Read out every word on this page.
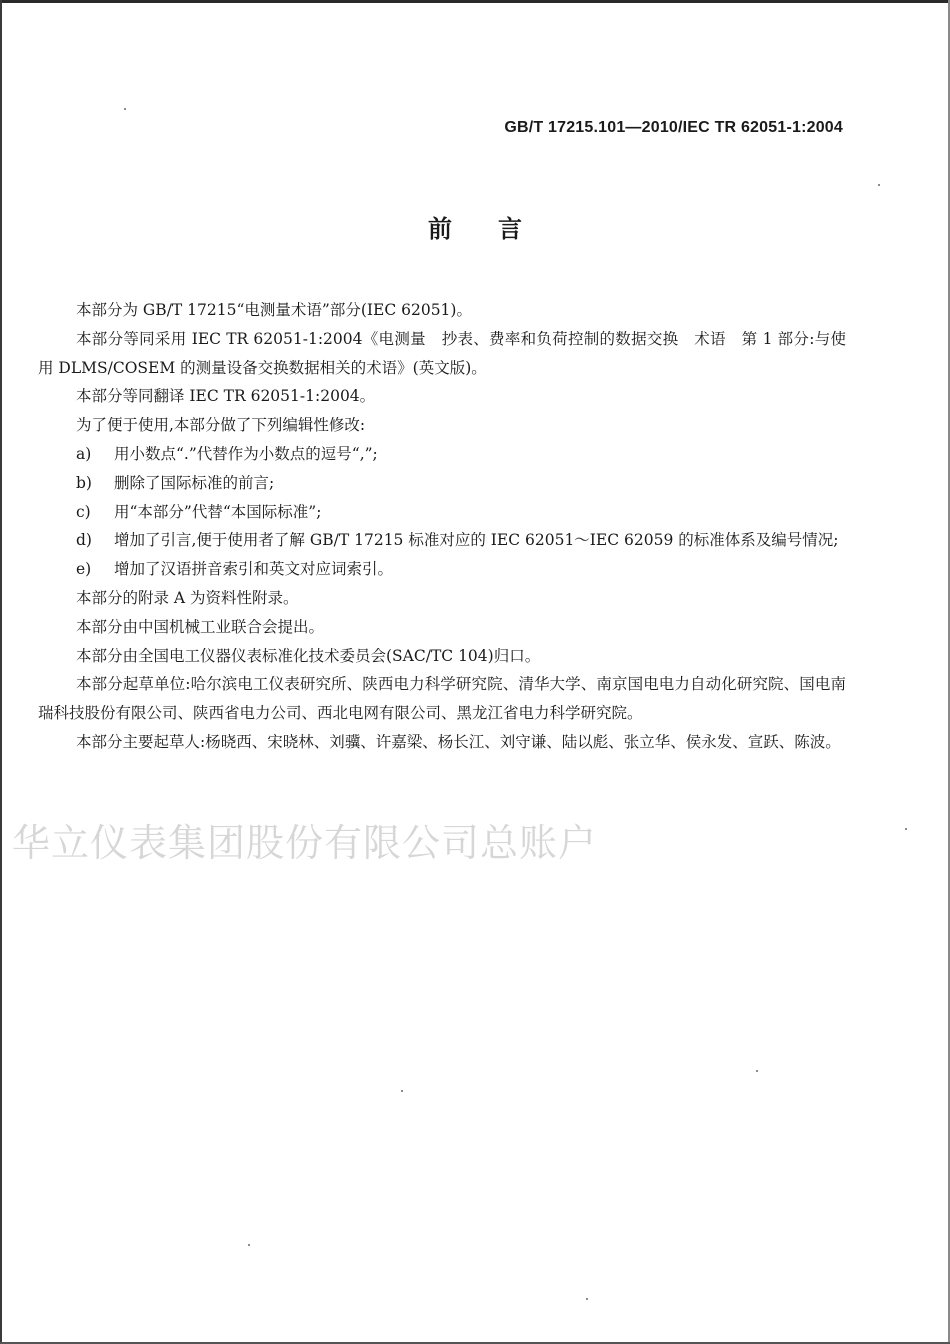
GB/T 17215.101—2010/IEC TR 62051-1:2004
前言

本部分为 GB/T 17215“电测量术语”部分(IEC 62051)。

本部分等同采用 IEC TR 62051-1:2004《电测量　抄表、费率和负荷控制的数据交换　术语　第 1 部分:与使用 DLMS/COSEM 的测量设备交换数据相关的术语》(英文版)。

本部分等同翻译 IEC TR 62051-1:2004。

为了便于使用,本部分做了下列编辑性修改:

a) 用小数点“.”代替作为小数点的逗号“,”;

b) 删除了国际标准的前言;

c) 用“本部分”代替“本国际标准”;

d) 增加了引言,便于使用者了解 GB/T 17215 标准对应的 IEC 62051～IEC 62059 的标准体系及编号情况;

e) 增加了汉语拼音索引和英文对应词索引。

本部分的附录 A 为资料性附录。

本部分由中国机械工业联合会提出。

本部分由全国电工仪器仪表标准化技术委员会(SAC/TC 104)归口。

本部分起草单位:哈尔滨电工仪表研究所、陕西电力科学研究院、清华大学、南京国电电力自动化研究院、国电南瑞科技股份有限公司、陕西省电力公司、西北电网有限公司、黑龙江省电力科学研究院。

本部分主要起草人:杨晓西、宋晓林、刘骥、许嘉梁、杨长江、刘守谦、陆以彪、张立华、侯永发、宣跃、陈波。

华立仪表集团股份有限公司总账户
